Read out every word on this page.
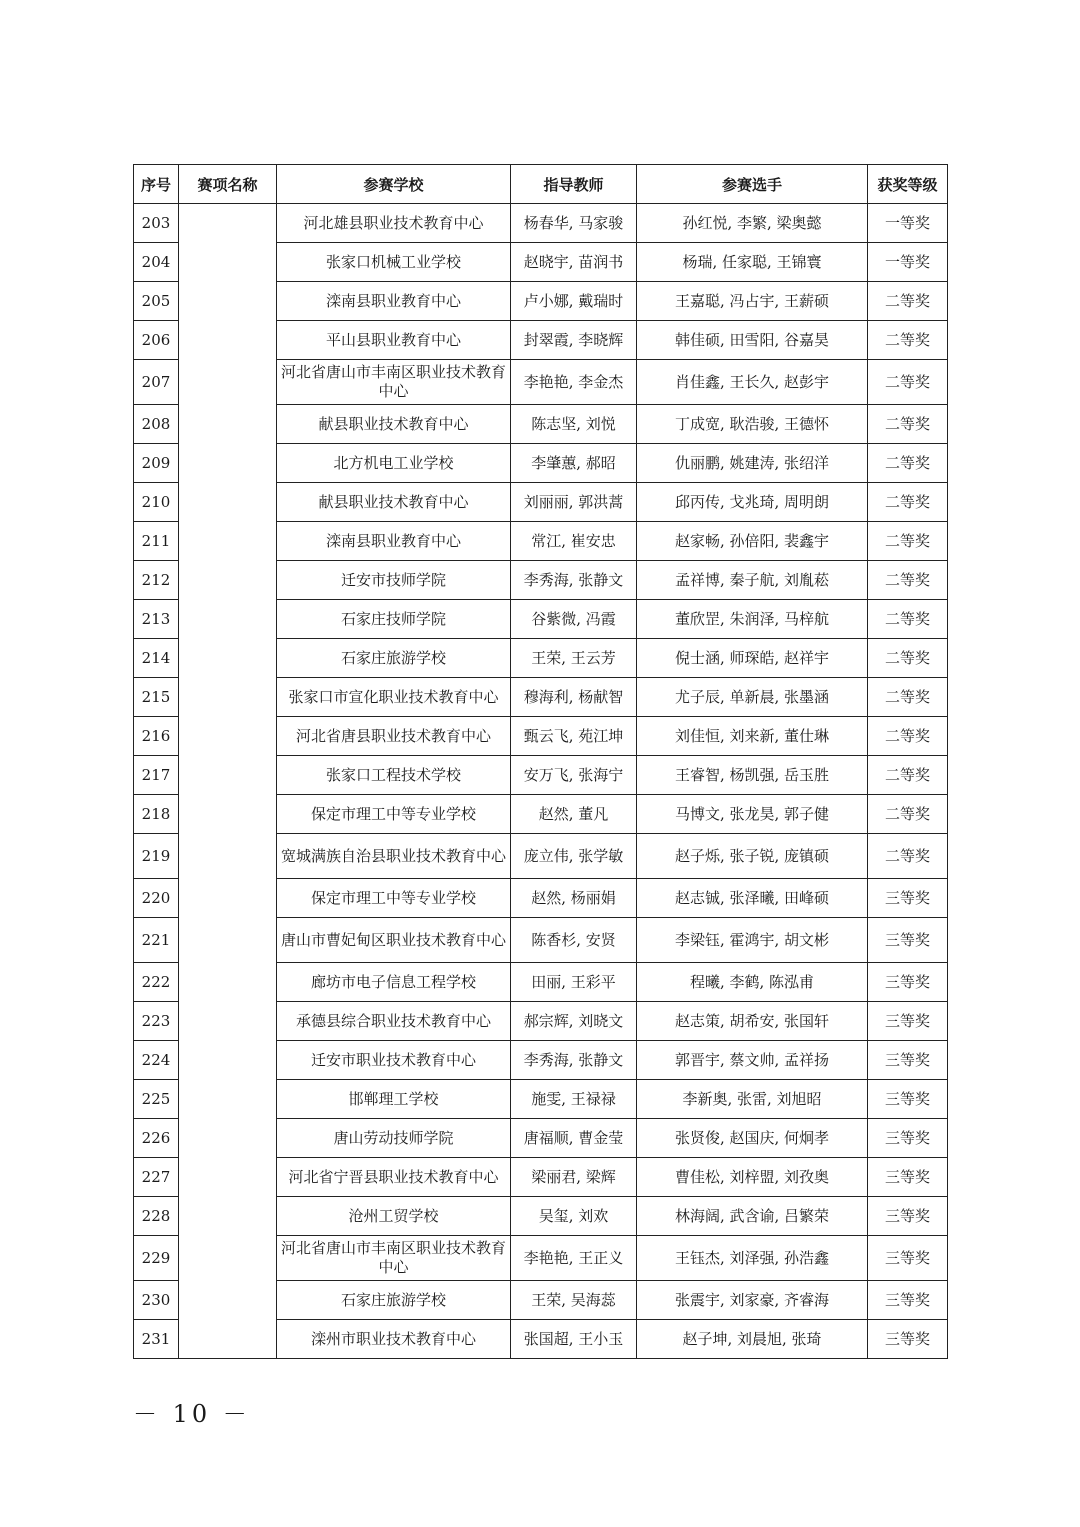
序号	赛项名称	参赛学校	指导教师	参赛选手	获奖等级
203		河北雄县职业技术教育中心	杨春华, 马家骏	孙红悦, 李繁, 梁奥懿	一等奖
204		张家口机械工业学校	赵晓宇, 苗润书	杨瑞, 任家聪, 王锦寰	一等奖
205		滦南县职业教育中心	卢小娜, 戴瑞时	王嘉聪, 冯占宇, 王薪硕	二等奖
206		平山县职业教育中心	封翠霞, 李晓辉	韩佳硕, 田雪阳, 谷嘉昊	二等奖
207		河北省唐山市丰南区职业技术教育中心	李艳艳, 李金杰	肖佳鑫, 王长久, 赵彭宇	二等奖
208		献县职业技术教育中心	陈志坚, 刘悦	丁成宽, 耿浩骏, 王德怀	二等奖
209		北方机电工业学校	李肇蕙, 郝昭	仇丽鹏, 姚建涛, 张绍洋	二等奖
210		献县职业技术教育中心	刘丽丽, 郭洪蒿	邱丙传, 戈兆琦, 周明朗	二等奖
211		滦南县职业教育中心	常江, 崔安忠	赵家畅, 孙倍阳, 裴鑫宇	二等奖
212		迁安市技师学院	李秀海, 张静文	孟祥博, 秦子航, 刘胤菘	二等奖
213		石家庄技师学院	谷紫微, 冯霞	董欣罡, 朱润泽, 马梓航	二等奖
214		石家庄旅游学校	王荣, 王云芳	倪士涵, 师琛皓, 赵祥宇	二等奖
215		张家口市宣化职业技术教育中心	穆海利, 杨献智	尤子辰, 单新晨, 张墨涵	二等奖
216		河北省唐县职业技术教育中心	甄云飞, 苑江坤	刘佳恒, 刘来新, 董仕琳	二等奖
217		张家口工程技术学校	安万飞, 张海宁	王睿智, 杨凯强, 岳玉胜	二等奖
218		保定市理工中等专业学校	赵然, 董凡	马博文, 张龙昊, 郭子健	二等奖
219		宽城满族自治县职业技术教育中心	庞立伟, 张学敏	赵子烁, 张子锐, 庞镇硕	二等奖
220		保定市理工中等专业学校	赵然, 杨丽娟	赵志铖, 张泽曦, 田峰硕	三等奖
221		唐山市曹妃甸区职业技术教育中心	陈香杉, 安贤	李梁钰, 霍鸿宇, 胡文彬	三等奖
222		廊坊市电子信息工程学校	田丽, 王彩平	程曦, 李鹤, 陈泓甫	三等奖
223		承德县综合职业技术教育中心	郝宗辉, 刘晓文	赵志策, 胡希安, 张国轩	三等奖
224		迁安市职业技术教育中心	李秀海, 张静文	郭晋宇, 蔡文帅, 孟祥扬	三等奖
225		邯郸理工学校	施雯, 王禄禄	李新奥, 张雷, 刘旭昭	三等奖
226		唐山劳动技师学院	唐福顺, 曹金莹	张贤俊, 赵国庆, 何炯孝	三等奖
227		河北省宁晋县职业技术教育中心	梁丽君, 梁辉	曹佳松, 刘梓盟, 刘孜奥	三等奖
228		沧州工贸学校	吴玺, 刘欢	林海阔, 武含谕, 吕繁荣	三等奖
229		河北省唐山市丰南区职业技术教育中心	李艳艳, 王正义	王钰杰, 刘泽强, 孙浩鑫	三等奖
230		石家庄旅游学校	王荣, 吴海蕊	张震宇, 刘家豪, 齐睿海	三等奖
231		滦州市职业技术教育中心	张国超, 王小玉	赵子坤, 刘晨旭, 张琦	三等奖
－ 10 －
